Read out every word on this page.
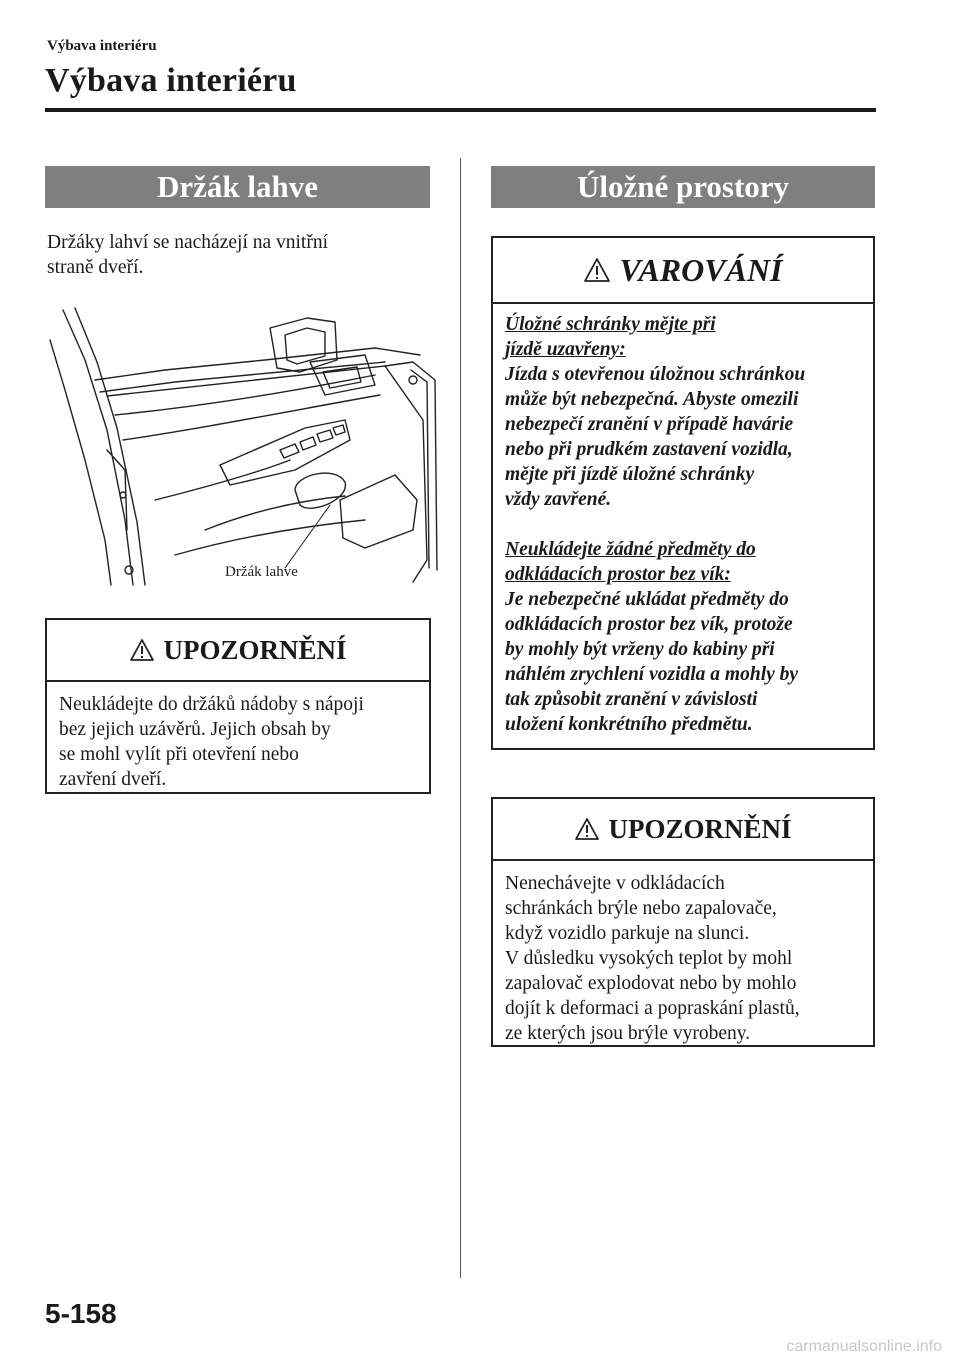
Výbava interiéru
Výbava interiéru
Držák lahve
Držáky lahví se nacházejí na vnitřní
straně dveří.
Držák lahve
UPOZORNĚNÍ
Neukládejte do držáků nádoby s nápoji
bez jejich uzávěrů. Jejich obsah by
se mohl vylít při otevření nebo
zavření dveří.
Úložné prostory
VAROVÁNÍ
Úložné schránky mějte při
jízdě uzavřeny:
Jízda s otevřenou úložnou schránkou
může být nebezpečná. Abyste omezili
nebezpečí zranění v případě havárie
nebo při prudkém zastavení vozidla,
mějte při jízdě úložné schránky
vždy zavřené.
Neukládejte žádné předměty do
odkládacích prostor bez vík:
Je nebezpečné ukládat předměty do
odkládacích prostor bez vík, protože
by mohly být vrženy do kabiny při
náhlém zrychlení vozidla a mohly by
tak způsobit zranění v závislosti
uložení konkrétního předmětu.
UPOZORNĚNÍ
Nenechávejte v odkládacích
schránkách brýle nebo zapalovače,
když vozidlo parkuje na slunci.
V důsledku vysokých teplot by mohl
zapalovač explodovat nebo by mohlo
dojít k deformaci a popraskání plastů,
ze kterých jsou brýle vyrobeny.
5-158
carmanualsonline.info
